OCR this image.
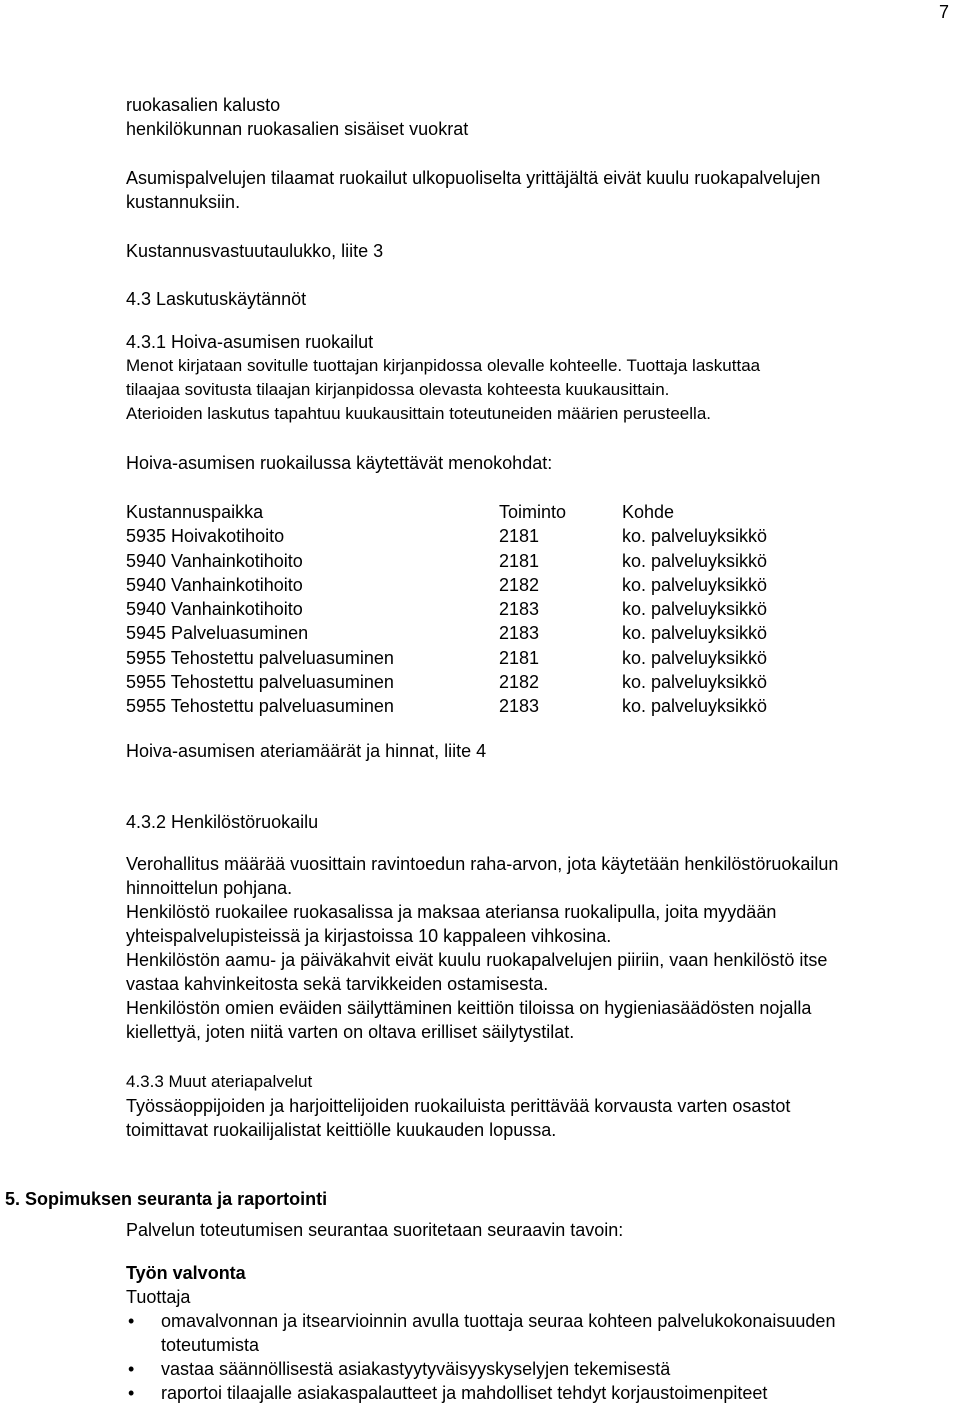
7
ruokasalien kalusto
henkilökunnan ruokasalien sisäiset vuokrat
Asumispalvelujen tilaamat ruokailut ulkopuoliselta yrittäjältä eivät kuulu ruokapalvelujen
kustannuksiin.
Kustannusvastuutaulukko, liite 3
4.3 Laskutuskäytännöt
4.3.1 Hoiva-asumisen ruokailut
Menot kirjataan sovitulle tuottajan kirjanpidossa olevalle kohteelle. Tuottaja laskuttaa
tilaajaa sovitusta tilaajan kirjanpidossa olevasta kohteesta kuukausittain.
Aterioiden laskutus tapahtuu kuukausittain toteutuneiden määrien perusteella.
Hoiva-asumisen ruokailussa käytettävät menokohdat:
Kustannuspaikka	Toiminto	Kohde
5935 Hoivakotihoito	2181	ko. palveluyksikkö
5940 Vanhainkotihoito	2181	ko. palveluyksikkö
5940 Vanhainkotihoito	2182	ko. palveluyksikkö
5940 Vanhainkotihoito	2183	ko. palveluyksikkö
5945 Palveluasuminen	2183	ko. palveluyksikkö
5955 Tehostettu palveluasuminen	2181	ko. palveluyksikkö
5955 Tehostettu palveluasuminen	2182	ko. palveluyksikkö
5955 Tehostettu palveluasuminen	2183	ko. palveluyksikkö
Hoiva-asumisen ateriamäärät ja hinnat, liite 4
4.3.2 Henkilöstöruokailu
Verohallitus määrää vuosittain ravintoedun raha-arvon, jota käytetään henkilöstöruokailun
hinnoittelun pohjana.
Henkilöstö ruokailee ruokasalissa ja maksaa ateriansa ruokalipulla, joita myydään
yhteispalvelupisteissä ja kirjastoissa 10 kappaleen vihkosina.
Henkilöstön aamu- ja päiväkahvit eivät kuulu ruokapalvelujen piiriin, vaan henkilöstö itse
vastaa kahvinkeitosta sekä tarvikkeiden ostamisesta.
Henkilöstön omien eväiden säilyttäminen keittiön tiloissa on hygieniasäädösten nojalla
kiellettyä, joten niitä varten on oltava erilliset säilytystilat.
4.3.3 Muut ateriapalvelut
Työssäoppijoiden ja harjoittelijoiden ruokailuista perittävää korvausta varten osastot
toimittavat ruokailijalistat keittiölle kuukauden lopussa.
5. Sopimuksen seuranta ja raportointi
Palvelun toteutumisen seurantaa suoritetaan seuraavin tavoin:
Työn valvonta
Tuottaja
• omavalvonnan ja itsearvioinnin avulla tuottaja seuraa kohteen palvelukokonaisuuden
toteutumista
• vastaa säännöllisestä asiakastyytyväisyyskyselyjen tekemisestä
• raportoi tilaajalle asiakaspalautteet ja mahdolliset tehdyt korjaustoimenpiteet
